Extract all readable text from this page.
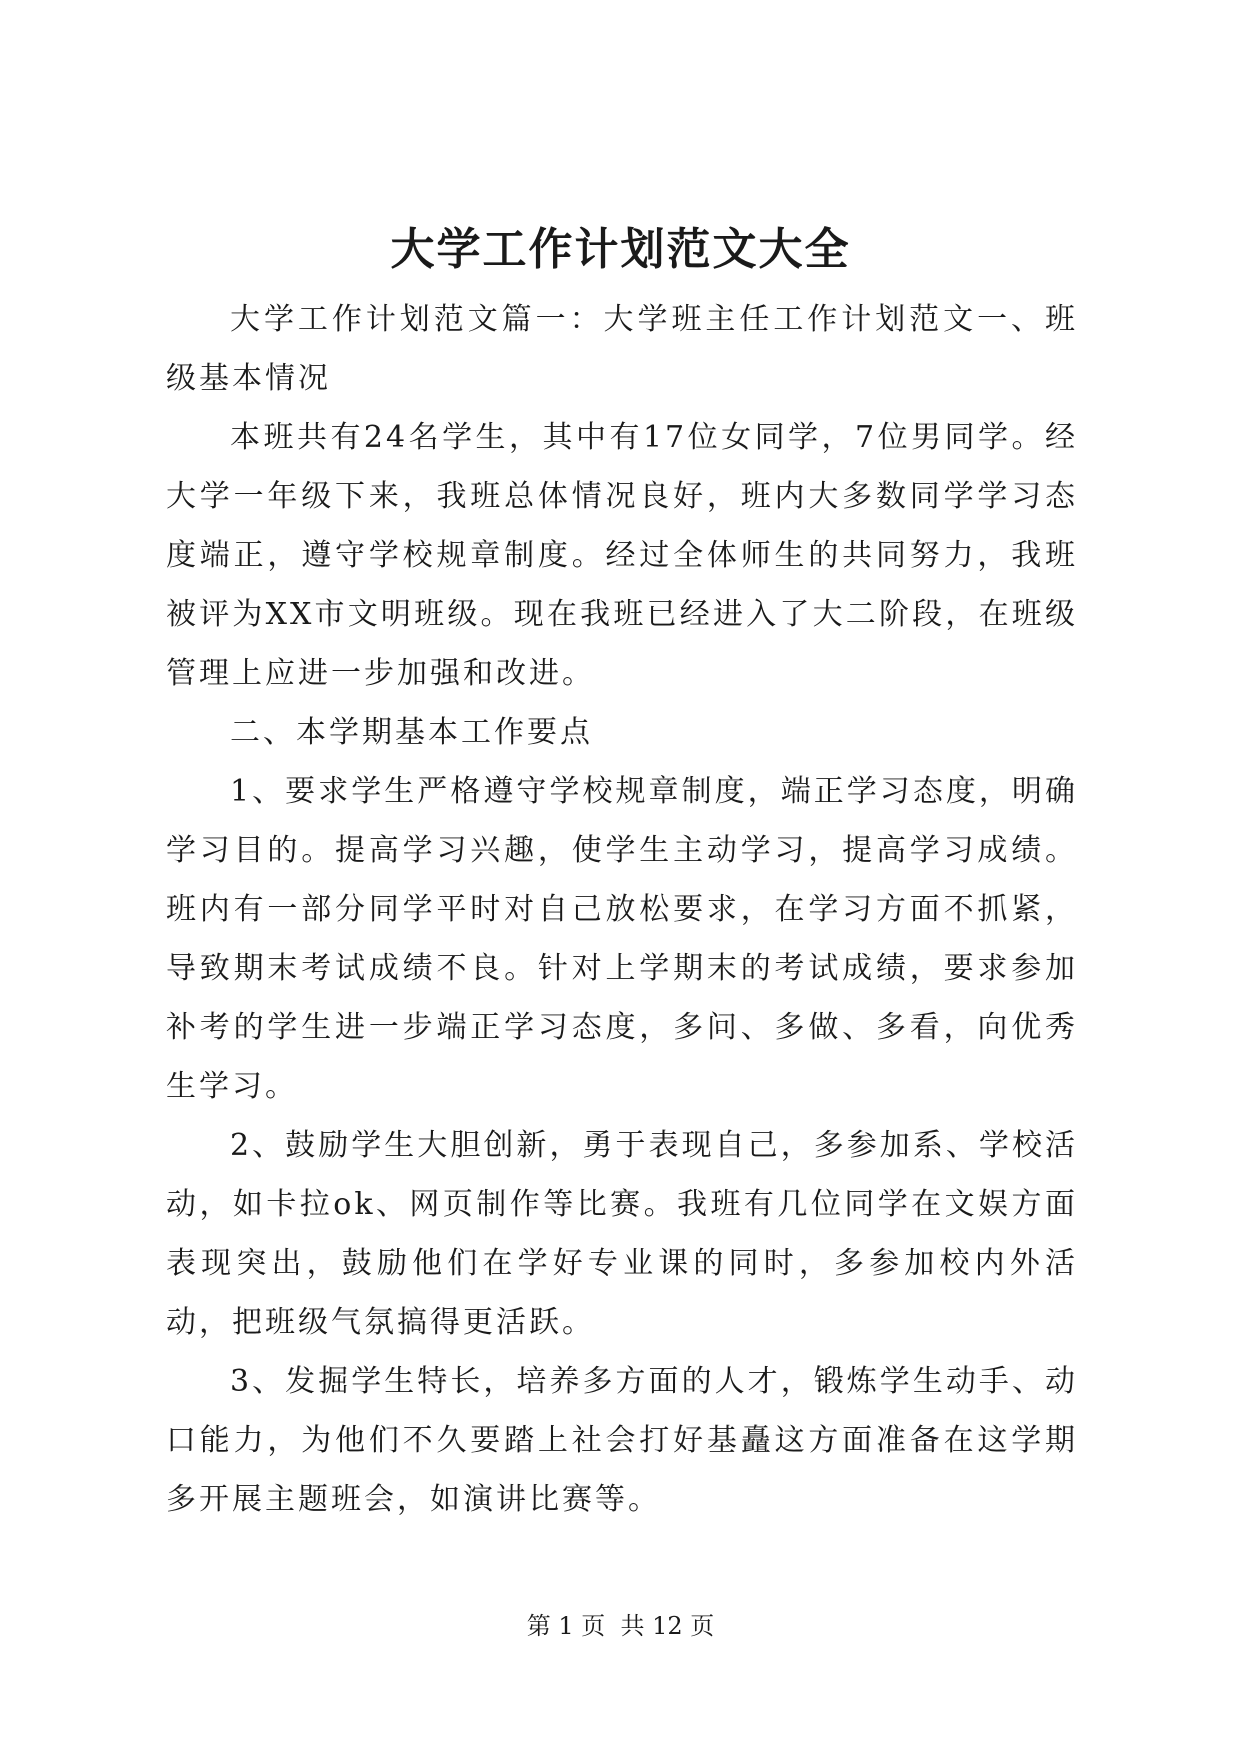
大学工作计划范文大全

大学工作计划范文篇一：大学班主任工作计划范文一、班级基本情况

本班共有24名学生，其中有17位女同学，7位男同学。经大学一年级下来，我班总体情况良好，班内大多数同学学习态度端正，遵守学校规章制度。经过全体师生的共同努力，我班被评为XX市文明班级。现在我班已经进入了大二阶段，在班级管理上应进一步加强和改进。

二、本学期基本工作要点

1、要求学生严格遵守学校规章制度，端正学习态度，明确学习目的。提高学习兴趣，使学生主动学习，提高学习成绩。班内有一部分同学平时对自己放松要求，在学习方面不抓紧，导致期末考试成绩不良。针对上学期末的考试成绩，要求参加补考的学生进一步端正学习态度，多问、多做、多看，向优秀生学习。

2、鼓励学生大胆创新，勇于表现自己，多参加系、学校活动，如卡拉ok、网页制作等比赛。我班有几位同学在文娱方面表现突出，鼓励他们在学好专业课的同时，多参加校内外活动，把班级气氛搞得更活跃。

3、发掘学生特长，培养多方面的人才，锻炼学生动手、动口能力，为他们不久要踏上社会打好基矗这方面准备在这学期多开展主题班会，如演讲比赛等。

第 1 页  共 12 页
